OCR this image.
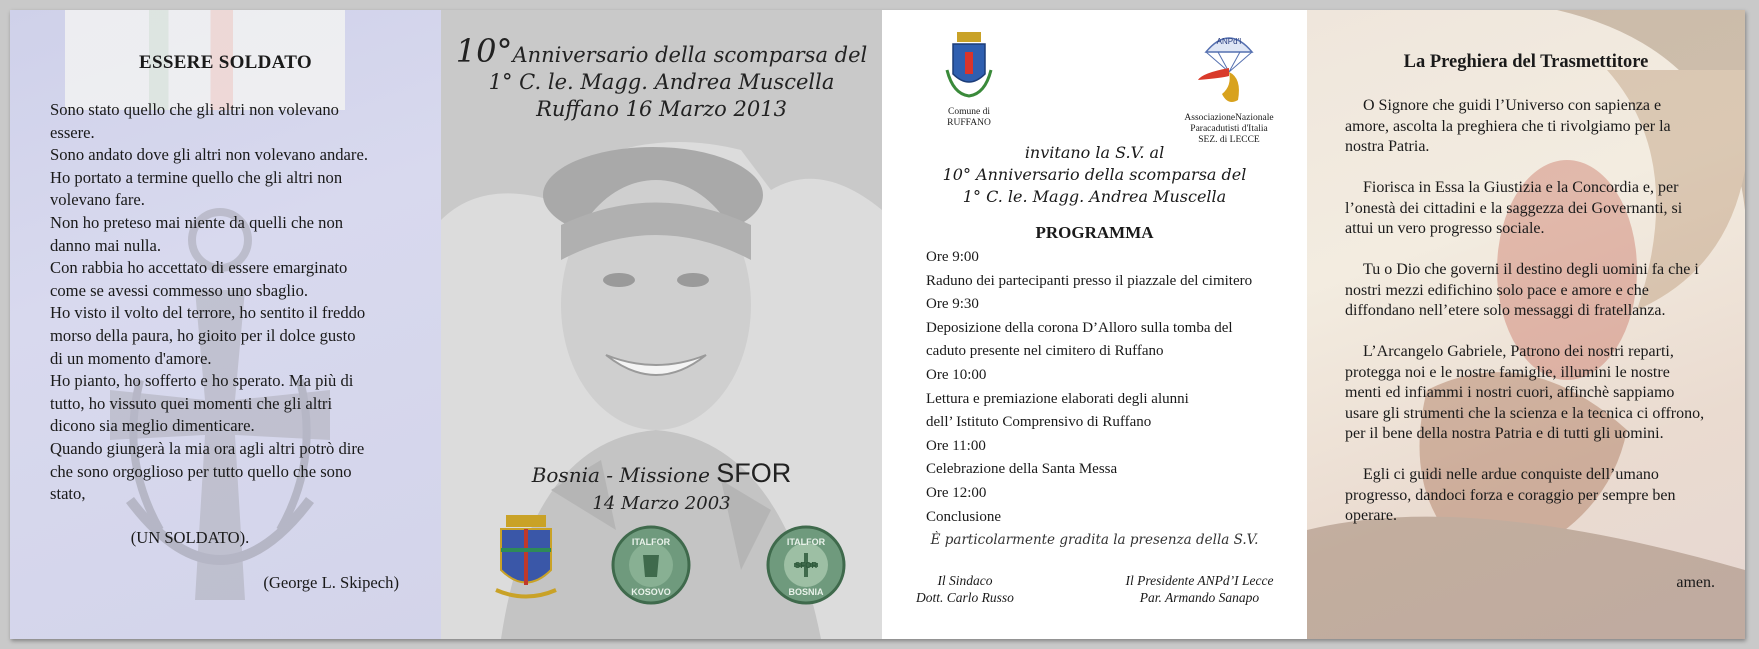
ESSERE SOLDATO

Sono stato quello che gli altri non volevano

essere.

Sono andato dove gli altri non volevano andare.

Ho portato a termine quello che gli altri non

volevano fare.

Non ho preteso mai niente da quelli che non

danno mai nulla.

Con rabbia ho accettato di essere emarginato

come se avessi commesso uno sbaglio.

Ho visto il volto del terrore, ho sentito il freddo

morso della paura, ho gioito per il dolce gusto

di un momento d'amore.

Ho pianto, ho sofferto e ho sperato. Ma più di

tutto, ho vissuto quei momenti che gli altri

dicono sia meglio dimenticare.

Quando giungerà la mia ora agli altri potrò dire

che sono orgoglioso per tutto quello che sono

stato,

(UN SOLDATO).
(George L. Skipech)
ITALFOR
KOSOVO
ITALFOR
SFOR
BOSNIA
10°Anniversario della scomparsa del
1° C. le. Magg. Andrea Muscella
Ruffano 16 Marzo 2013
Bosnia - Missione SFOR
14 Marzo 2003
Comune di
RUFFANO
ANPd'I
AssociazioneNazionale
Paracadutisti d'Italia
SEZ. di LECCE
invitano la S.V. al
10° Anniversario della scomparsa del
1° C. le. Magg. Andrea Muscella
PROGRAMMA
Ore 9:00
Raduno dei partecipanti presso il piazzale del cimitero
Ore 9:30
Deposizione della corona D’Alloro sulla tomba del
caduto presente nel cimitero di Ruffano
Ore 10:00
Lettura e premiazione elaborati degli alunni
dell’ Istituto Comprensivo di Ruffano
Ore 11:00
Celebrazione della Santa Messa
Ore 12:00
Conclusione
È particolarmente gradita la presenza della S.V.
Il Sindaco
Dott. Carlo Russo
Il Presidente ANPd’I Lecce
Par. Armando Sanapo
La Preghiera del Trasmettitore

O Signore che guidi l’Universo con sapienza e amore, ascolta la preghiera che ti rivolgiamo per la nostra Patria.

Fiorisca in Essa la Giustizia e la Concordia e, per l’onestà dei cittadini e la saggezza dei Governanti, si attui un vero progresso sociale.

Tu o Dio che governi il destino degli uomini fa che i nostri mezzi edifichino solo pace e amore e che diffondano nell’etere solo messaggi di fratellanza.

L’Arcangelo Gabriele, Patrono dei nostri reparti, protegga noi e le nostre famiglie, illumini le nostre menti ed infiammi i nostri cuori, affinchè sappiamo usare gli strumenti che la scienza e la tecnica ci offrono, per il bene della nostra Patria e di tutti gli uomini.

Egli ci guidi nelle ardue conquiste dell’umano progresso, dandoci forza e coraggio per sempre ben operare.

amen.
